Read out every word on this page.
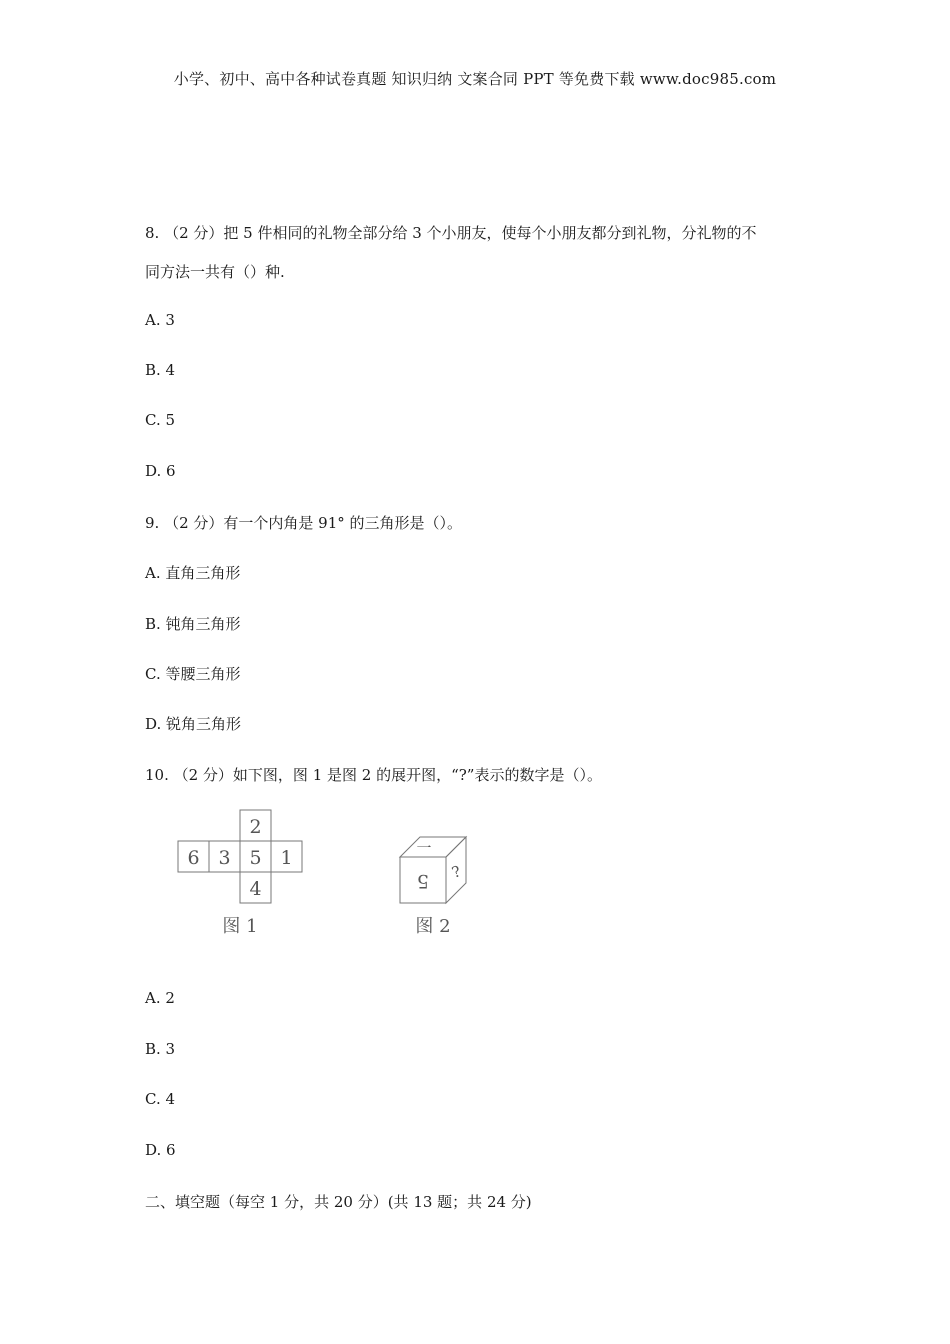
小学、初中、高中各种试卷真题 知识归纳 文案合同 PPT 等免费下载 www.doc985.com
8. （2 分）把 5 件相同的礼物全部分给 3 个小朋友，使每个小朋友都分到礼物，分礼物的不
同方法一共有（）种.
A. 3
B. 4
C. 5
D. 6
9. （2 分）有一个内角是 91° 的三角形是（）。
A. 直角三角形
B. 钝角三角形
C. 等腰三角形
D. 锐角三角形
10. （2 分）如下图，图 1 是图 2 的展开图，“?”表示的数字是（）。
2
6 3 5 1
4
一
5 ?
图 1	图 2
A. 2
B. 3
C. 4
D. 6
二、填空题（每空 1 分，共 20 分）(共 13 题；共 24 分)
